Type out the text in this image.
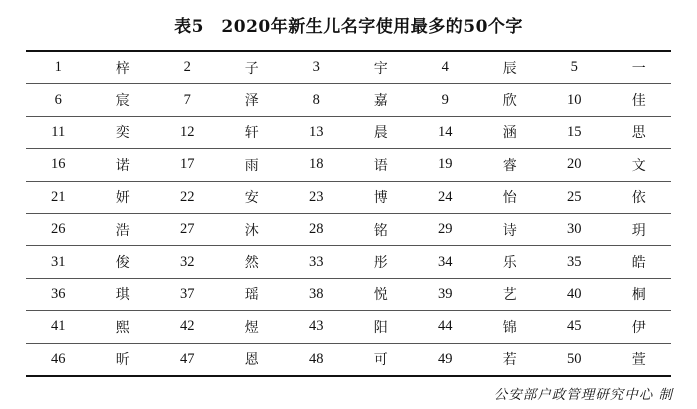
表5　2020年新生儿名字使用最多的50个字
1	梓	2	子	3	宇	4	辰	5	一
6	宸	7	泽	8	嘉	9	欣	10	佳
11	奕	12	轩	13	晨	14	涵	15	思
16	诺	17	雨	18	语	19	睿	20	文
21	妍	22	安	23	博	24	怡	25	依
26	浩	27	沐	28	铭	29	诗	30	玥
31	俊	32	然	33	彤	34	乐	35	皓
36	琪	37	瑶	38	悦	39	艺	40	桐
41	熙	42	煜	43	阳	44	锦	45	伊
46	昕	47	恩	48	可	49	若	50	萱
公安部户政管理研究中心 制
